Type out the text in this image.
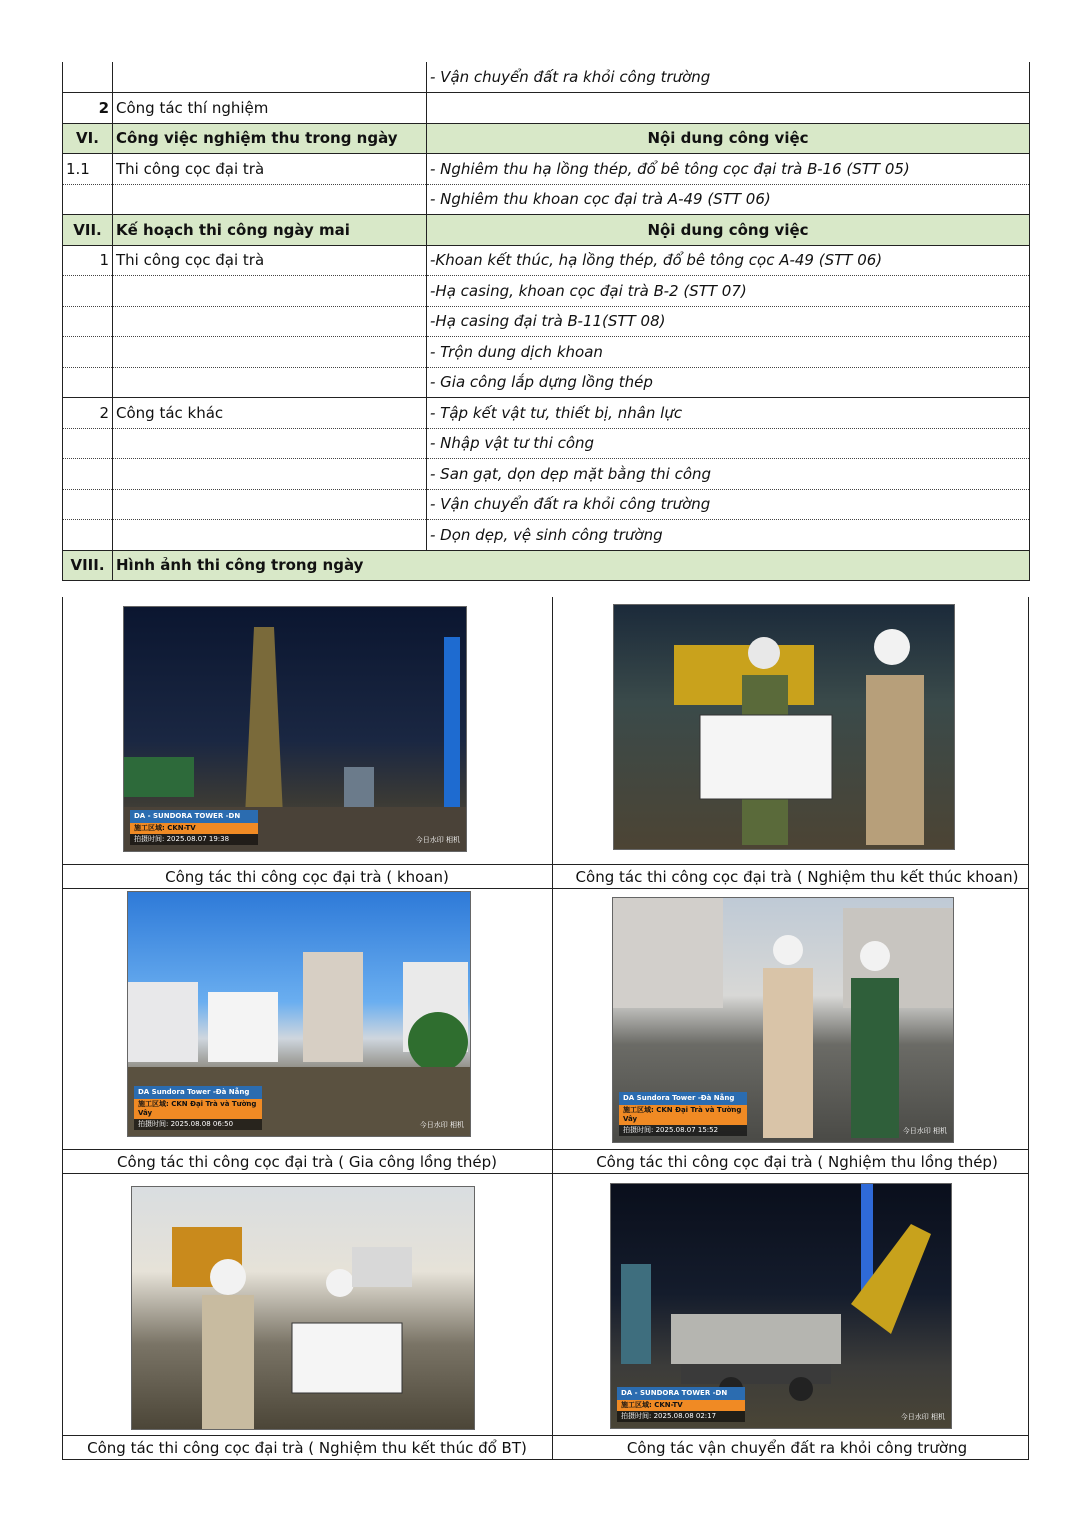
		- Vận chuyển đất ra khỏi công trường
2	Công tác thí nghiệm	
VI.	Công việc nghiệm thu trong ngày	Nội dung công việc
1.1	Thi công cọc đại trà	- Nghiêm thu hạ lồng thép, đổ bê tông cọc đại trà B-16 (STT 05)
		- Nghiêm thu khoan cọc đại trà A-49 (STT 06)
VII.	Kế hoạch thi công ngày mai	Nội dung công việc
1	Thi công cọc đại trà	-Khoan kết thúc, hạ lồng thép, đổ bê tông cọc A-49 (STT 06)
		-Hạ casing, khoan cọc đại trà B-2 (STT 07)
		-Hạ casing đại trà B-11(STT 08)
		- Trộn dung dịch khoan
		- Gia công lắp dựng lồng thép
2	Công tác khác	- Tập kết vật tư, thiết bị, nhân lực
		- Nhập vật tư thi công
		- San gạt, dọn dẹp mặt bằng thi công
		- Vận chuyển đất ra khỏi công trường
		- Dọn dẹp, vệ sinh công trường
VIII.	Hình ảnh thi công trong ngày	
DA - SUNDORA TOWER -DN
施工区域: CKN-TV
拍摄时间: 2025.08.07 19:38	今日水印 相机
Công tác thi công cọc đại trà ( khoan)	Công tác thi công cọc đại trà ( Nghiệm thu kết thúc khoan)
DA Sundora Tower -Đà Nẵng
施工区域: CKN Đại Trà và Tường Vây
拍摄时间: 2025.08.08 06:50	今日水印 相机
Công tác thi công cọc đại trà ( Gia công lồng thép)
DA Sundora Tower -Đà Nẵng
施工区域: CKN Đại Trà và Tường Vây
拍摄时间: 2025.08.07 15:52	今日水印 相机
Công tác thi công cọc đại trà ( Nghiệm thu lồng thép)
Công tác thi công cọc đại trà ( Nghiệm thu kết thúc đổ BT)
DA - SUNDORA TOWER -DN
施工区域: CKN-TV
拍摄时间: 2025.08.08 02:17	今日水印 相机
Công tác vận chuyển đất ra khỏi công trường
